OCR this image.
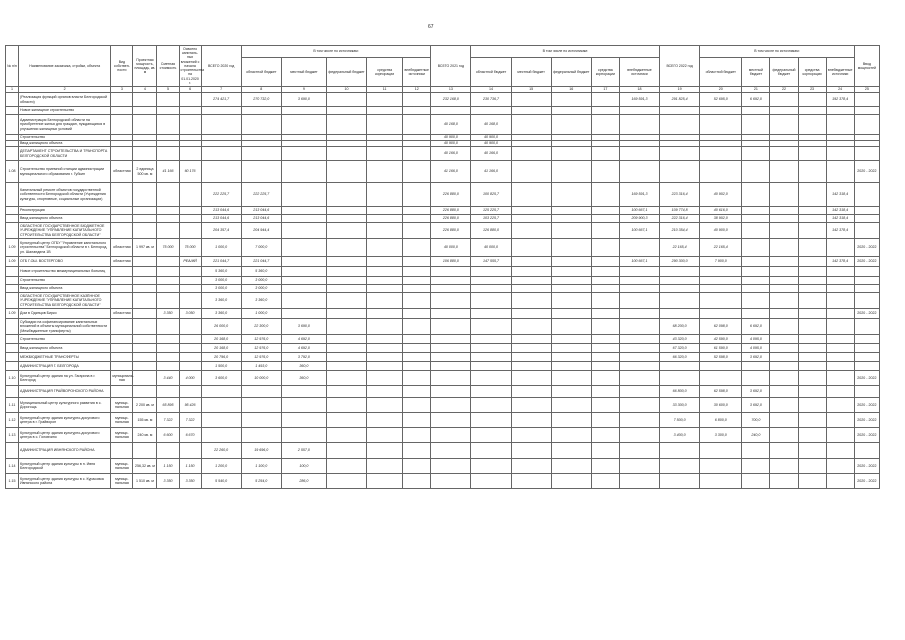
67
№ п/п	Наименование заказчика, стройки, объекта	Вид собствен-ности	Проектная мощность, площадь, кв. м	Сметная стоимость	Освоено капиталь-ных вложений с начала строительства на 01.01.2020 г.	ВСЕГО 2020 год	В том числе по источникам:					ВСЕГО 2021 год	В том числе по источникам:					ВСЕГО 2022 год	В том числе по источникам:					Ввод мощностей
							областной бюджет	местный бюджет	федеральный бюджет	средства корпорации	внебюджетные источники		областной бюджет	местный бюджет	федеральный бюджет	средства корпорации	внебюджетные источники		областной бюджет	местный бюджет	федеральный бюджет	средства корпорации	внебюджетные источники	
1	2	3	4	5	6	7	8	9	10	11	12	13	14	15	16	17	18	19	20	21	22	23	24	25
	(Реализация функций органов власти Белгородской области)					274 421,7	270 732,0	3 690,0				232 168,0	230 736,7				169 591,3	291 825,4	52 695,0	6 692,0			192 378,4	
	Новое жилищное строительство																							
	Администрация Белгородской области на приобретение жилья для граждан, нуждающихся в улучшении жилищных условий											40 168,0	40 168,0											
	Строительство											40 900,0	40 900,0											
	Ввод жилищного объекта											40 900,0	40 900,0											
	ДЕПАРТАМЕНТ СТРОИТЕЛЬСТВА И ТРАНСПОРТА БЕЛГОРОДСКОЙ ОБЛАСТИ											40 166,0	40 166,0											
1.08	Строительство приемной станции администрации муниципального образования г. Губкин	областная	2 единица 500 кв. м	41 166	60 176							41 166,0	41 166,0											2020 - 2022
	Капитальный ремонт объектов государственной собственности Белгородской области (Учреждения культуры, спортивные, социальные организации)					222 225,7	222 225,7					226 880,0	100 825,7				169 591,3	223 316,4	40 902,0				142 318,4	
	Реконструкция					213 044,6	213 044,6					226 880,0	125 225,7				100 667,1	109 774,8	40 616,0				142 318,4	
	Ввод жилищного объекта					213 044,6	213 044,6					226 880,0	103 225,7				209 900,3	222 316,4	38 902,0				142 318,4	
	ОБЛАСТНОЕ ГОСУДАРСТВЕННОЕ БЮДЖЕТНОЕ УЧРЕЖДЕНИЕ "УПРАВЛЕНИЕ КАПИТАЛЬНОГО СТРОИТЕЛЬСТВА БЕЛГОРОДСКОЙ ОБЛАСТИ"					204 357,4	204 944,4					226 880,0	126 880,0				100 667,1	210 354,4	40 900,0				142 378,4	
1.09	Культурный центр ОГБУ "Управление капитального строительства" Белгородской области в г. Белгород, ул. Шаландина 1В	областная	1 997 кв. м	75 000	75 000	1 000,0	7 000,0					40 000,0	40 000,0					22 165,4	22 165,4					2020 - 2022
1.09	ОГБ Г.ОШ. ВОСТЕРГОВО	областная			РЕА/ИЙ	221 044,7	221 044,7					106 880,0	147 555,7				100 667,1	290 300,0	7 900,0				142 378,4	2020 - 2022
	Новое строительство межмуниципальных больниц					5 360,0	5 360,0																	
	Строительство					3 000,0	3 000,0																	
	Ввод жилищного объекта					3 000,0	3 000,0																	
	ОБЛАСТНОЕ ГОСУДАРСТВЕННОЕ КАЗЁННОЕ УЧРЕЖДЕНИЕ "УПРАВЛЕНИЕ КАПИТАЛЬНОГО СТРОИТЕЛЬСТВА БЕЛГОРОДСКОЙ ОБЛАСТИ"					3 360,0	3 360,0																	
1.09	Дом в Одинцов Бирко	областная		3 350	3 050	3 360,0	1 000,0																	2020 - 2022
	Субсидии на софинансирование капитальных вложений в объекты муниципальной собственности (Межбюджетные трансферты)					26 000,0	22 300,0	3 690,0										68 200,0	62 098,0	6 692,0				
	Строительство					20 168,0	12 976,0	4 692,0										43 320,0	42 590,0	4 095,0				
	Ввод жилищного объекта					20 168,0	12 976,0	4 692,0										67 320,0	61 590,0	4 095,0				
	МЕЖБЮДЖЕТНЫЕ ТРАНСФЕРТЫ					20 796,0	12 976,0	3 792,0										66 320,0	52 598,0	3 692,0				
	АДМИНИСТРАЦИЯ Г. БЕЛГОРОДА					1 500,0	1 493,0	360,0																
1.10	Культурный центр здания на ул. Гагарина в г. Белгород	муниципаль-ная		3 440	4 000	3 600,0	10 000,0	360,0																2020 - 2022
	АДМИНИСТРАЦИЯ ГРАЙВОРОНСКОГО РАЙОНА																	66 800,0	62 598,0	3 692,0				
1.11	Муниципальный центр культурного развития в с. Дорогощь	муници-пальная	2 200 кв. м	65 895	95 426													33 300,0	30 600,0	3 692,0				2020 - 2022
1.12	Культурный центр здания культурно-досугового центра в г. Грайворон	муници-пальная	155 кв. м	7 322	7 322													7 500,0	6 800,0	700,0				2020 - 2022
1.13	Культурный центр здания культурно-досугового центра в с. Головчино	муници-пальная	240 кв. м	6 600	6 670													3 400,0	3 300,0	240,0				2020 - 2022
	АДМИНИСТРАЦИЯ ИВНЯНСКОГО РАЙОНА					22 260,0	19 696,0	2 557,0																
1.14	Культурный центр здания культуры в п. Ивня Белгородской	муници-пальная	256,32 кв. м	1 150	1 150	1 200,0	1 100,0	100,0																2020 - 2022
1.15	Культурный центр здания культуры в с. Курасовка Ивнянского района	муници-пальная	1 510 кв. м	3 350	3 350	5 540,0	5 254,0	286,0																2020 - 2022
